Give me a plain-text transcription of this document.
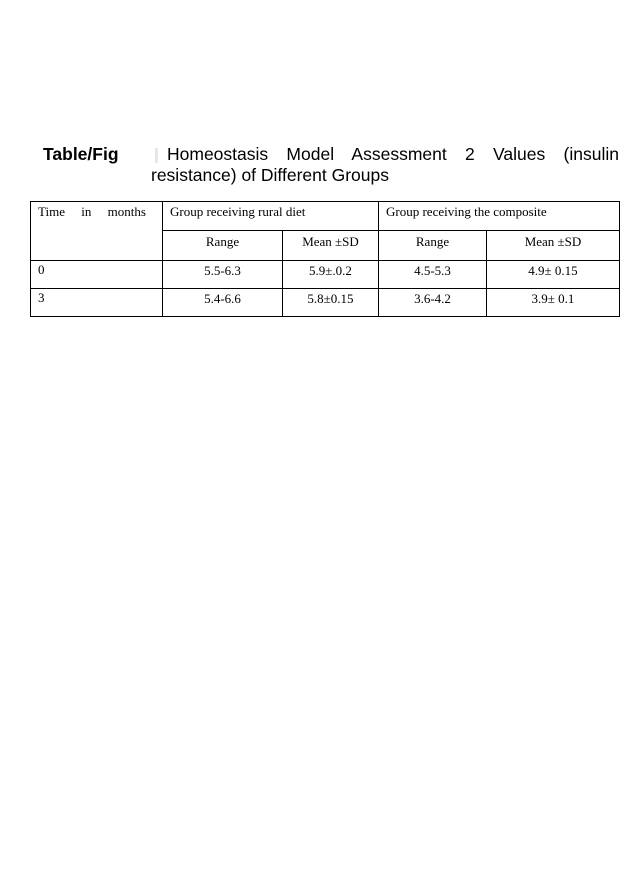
Table/Fig	Homeostasis Model Assessment 2 Values (insulin resistance) of Different Groups
Time in months	Group receiving rural diet		Group receiving the composite	
	Range	Mean ±SD	Range	Mean ±SD
0	5.5-6.3	5.9±.0.2	4.5-5.3	4.9± 0.15
3	5.4-6.6	5.8±0.15	3.6-4.2	3.9± 0.1
